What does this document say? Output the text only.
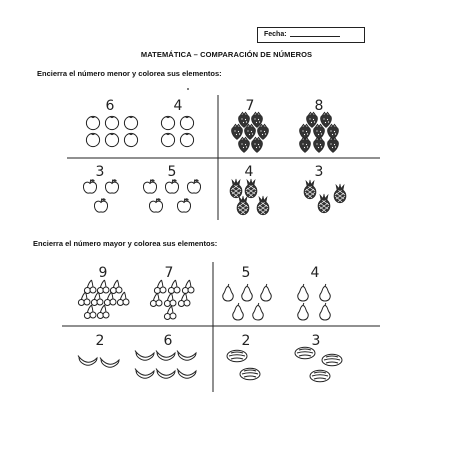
Fecha:
MATEMÁTICA – COMPARACIÓN DE NÚMEROS
Encierra el número menor y colorea sus elementos:
Encierra el número mayor y colorea sus elementos:
6	4	7	8
3	5	4	3
9	7	5	4
2	6	2	3
